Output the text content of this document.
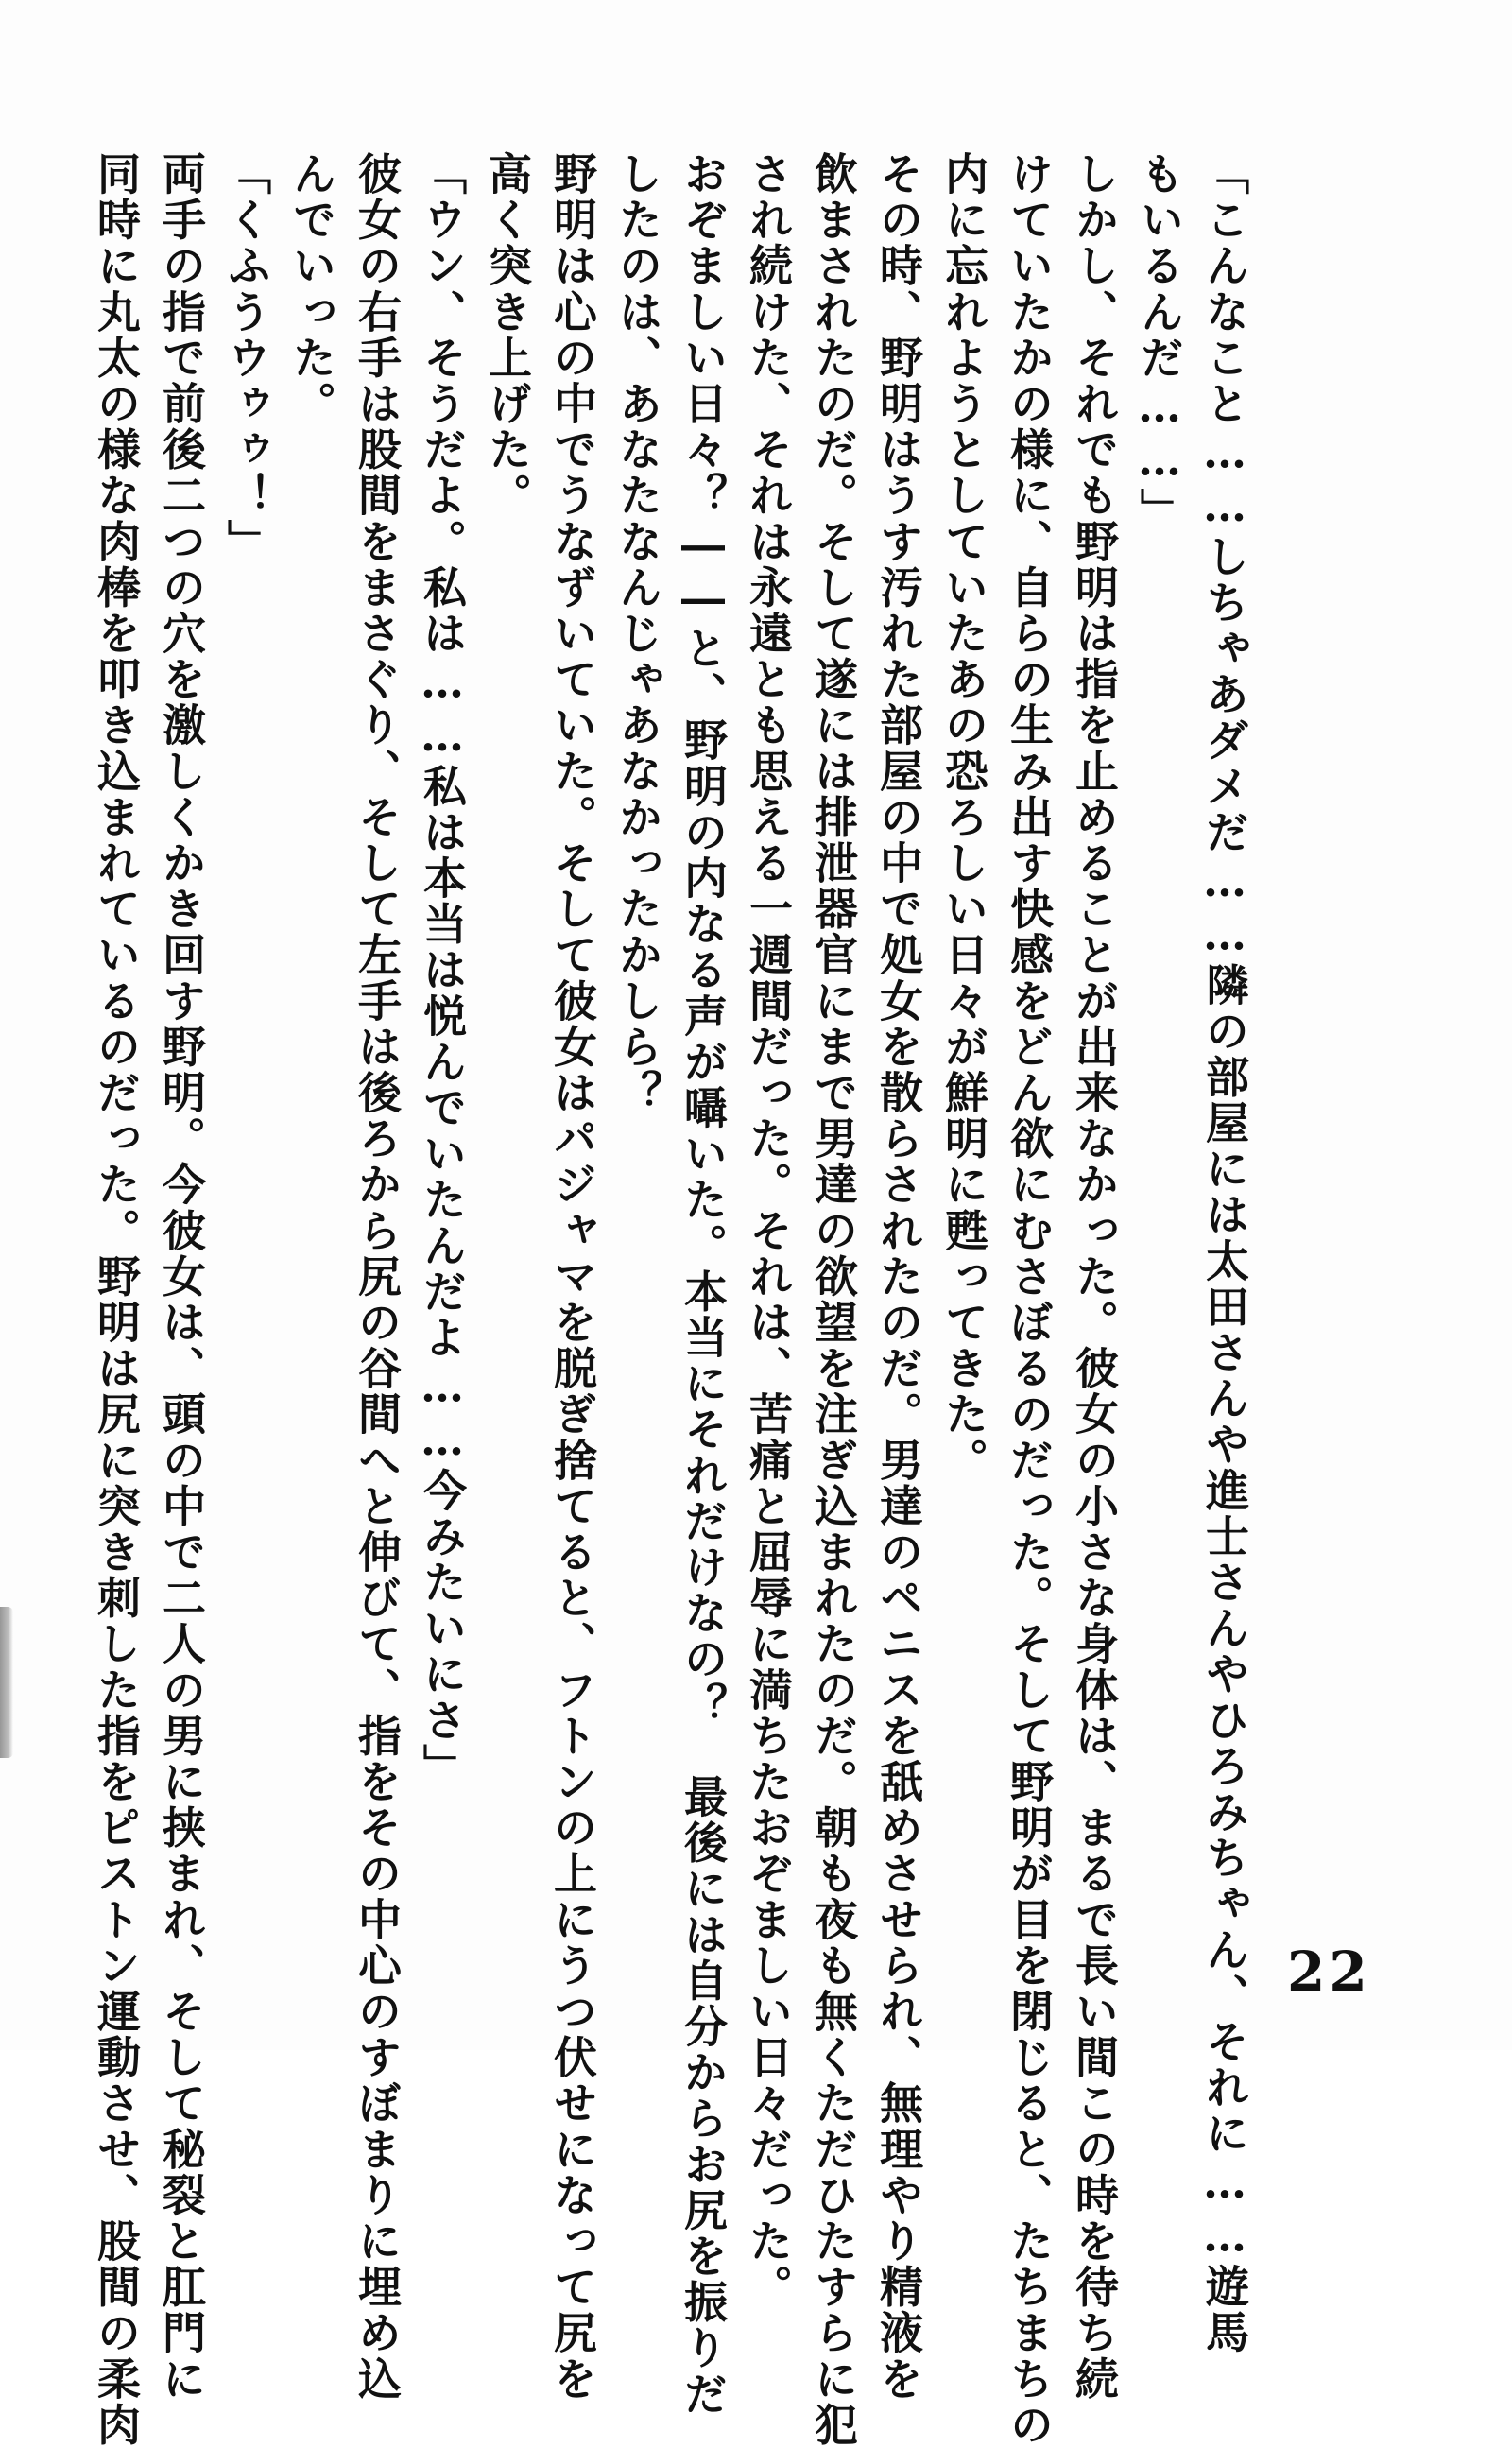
「こんなこと……しちゃあダメだ……隣の部屋には太田さんや進士さんやひろみちゃん、それに……遊馬
もいるんだ……」
しかし、それでも野明は指を止めることが出来なかった。彼女の小さな身体は、まるで長い間この時を待ち続
けていたかの様に、自らの生み出す快感をどん欲にむさぼるのだった。そして野明が目を閉じると、たちまちの
内に忘れようとしていたあの恐ろしい日々が鮮明に甦ってきた。
その時、野明はうす汚れた部屋の中で処女を散らされたのだ。男達のペニスを舐めさせられ、無理やり精液を
飲まされたのだ。そして遂には排泄器官にまで男達の欲望を注ぎ込まれたのだ。朝も夜も無くただひたすらに犯
され続けた、それは永遠とも思える一週間だった。それは、苦痛と屈辱に満ちたおぞましい日々だった。
おぞましい日々？――と、野明の内なる声が囁いた。本当にそれだけなの？　最後には自分からお尻を振りだ
したのは、あなたなんじゃあなかったかしら？
野明は心の中でうなずいていた。そして彼女はパジャマを脱ぎ捨てると、フトンの上にうつ伏せになって尻を
高く突き上げた。
「ウン、そうだよ。私は……私は本当は悦んでいたんだよ……今みたいにさ」
彼女の右手は股間をまさぐり、そして左手は後ろから尻の谷間へと伸びて、指をその中心のすぼまりに埋め込
んでいった。
「くふうウゥゥ！」
両手の指で前後二つの穴を激しくかき回す野明。今彼女は、頭の中で二人の男に挟まれ、そして秘裂と肛門に
同時に丸太の様な肉棒を叩き込まれているのだった。野明は尻に突き刺した指をピストン運動させ、股間の柔肉	22
